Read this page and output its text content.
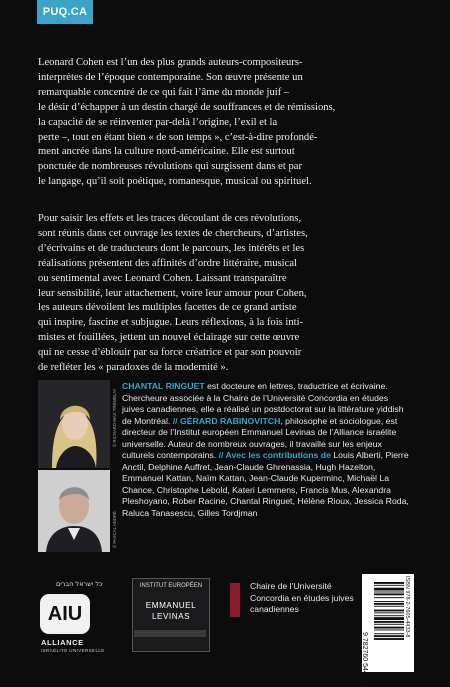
PUQ.CA

Leonard Cohen est l’un des plus grands auteurs-compositeurs-

interprètes de l’époque contemporaine. Son œuvre présente un

remarquable concentré de ce qui fait l’âme du monde juif –

le désir d’échapper à un destin chargé de souffrances et de rémissions,

la capacité de se réinventer par-delà l’origine, l’exil et la

perte –, tout en étant bien « de son temps », c’est-à-dire profondé-

ment ancrée dans la culture nord-américaine. Elle est surtout

ponctuée de nombreuses révolutions qui surgissent dans et par

le langage, qu’il soit poétique, romanesque, musical ou spirituel.

Pour saisir les effets et les traces découlant de ces révolutions,

sont réunis dans cet ouvrage les textes de chercheurs, d’artistes,

d’écrivains et de traducteurs dont le parcours, les intérêts et les

réalisations présentent des affinités d’ordre littéraire, musical

ou sentimental avec Leonard Cohen. Laissant transparaître

leur sensibilité, leur attachement, voire leur amour pour Cohen,

les auteurs dévoilent les multiples facettes de ce grand artiste

qui inspire, fascine et subjugue. Leurs réflexions, à la fois inti-

mistes et fouillées, jettent un nouvel éclairage sur cette œuvre

qui ne cesse d’éblouir par sa force créatrice et par son pouvoir

de refléter les « paradoxes de la modernité ».

© RICHARD-MAX TREMBLAY
© PASCAL ANDRÉ

CHANTAL RINGUET est docteure en lettres, traductrice et écrivaine. Chercheure associée à la Chaire de l’Université Concordia en études juives canadiennes, elle a réalisé un postdoctorat sur la littérature yiddish de Montréal. // GÉRARD RABINOVITCH, philosophe et sociologue, est directeur de l’Institut européen Emmanuel Levinas de l’Alliance israélite universelle. Auteur de nombreux ouvrages, il travaille sur les enjeux culturels contemporains. // Avec les contributions de Louis Alberti, Pierre Anctil, Delphine Auffret, Jean-Claude Ghrenassia, Hugh Hazelton, Emmanuel Kattan, Naïm Kattan, Jean-Claude Kuperminc, Michaël La Chance, Christophe Lebold, Kateri Lemmens, Francis Mus, Alexandra Pleshoyano, Rober Racine, Chantal Ringuet, Hélène Rioux, Jessica Roda, Raluca Tanasescu, Gilles Tordjman

כל ישראל חברים
AIU
ALLIANCE
ISRAÉLITE UNIVERSELLE
INSTITUT EUROPÉEN
EMMANUEL
LEVINAS
Chaire de l’Université Concordia en études juives canadiennes	ISBN 978-2-7605-4433-8
9 782760 544338
